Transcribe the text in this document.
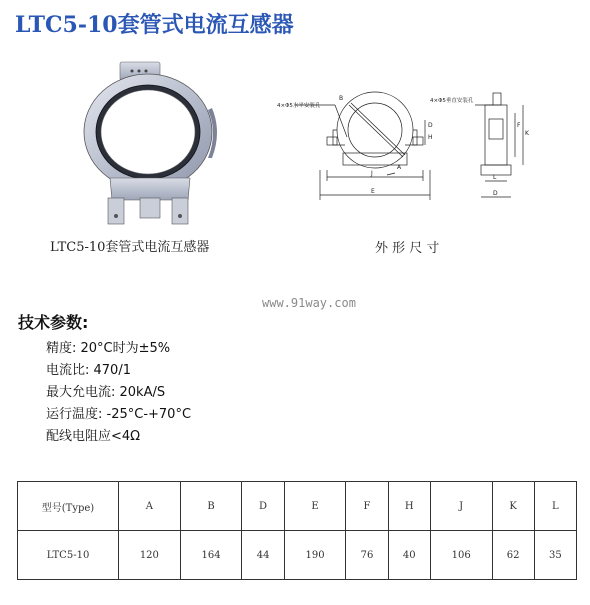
LTC5-10套管式电流互感器
LTC5-10套管式电流互感器
4×Φ5水平安装孔
4×Φ5垂直安装孔
B
A
D
H
J
E
F
K
L
D
外 形 尺 寸
www.91way.com
技术参数:
精度: 20°C时为±5%
电流比: 470/1
最大允电流: 20kA/S
运行温度: -25°C-+70°C
配线电阻应<4Ω
型号(Type)	A	B	D	E	F	H	J	K	L
LTC5-10	120	164	44	190	76	40	106	62	35
